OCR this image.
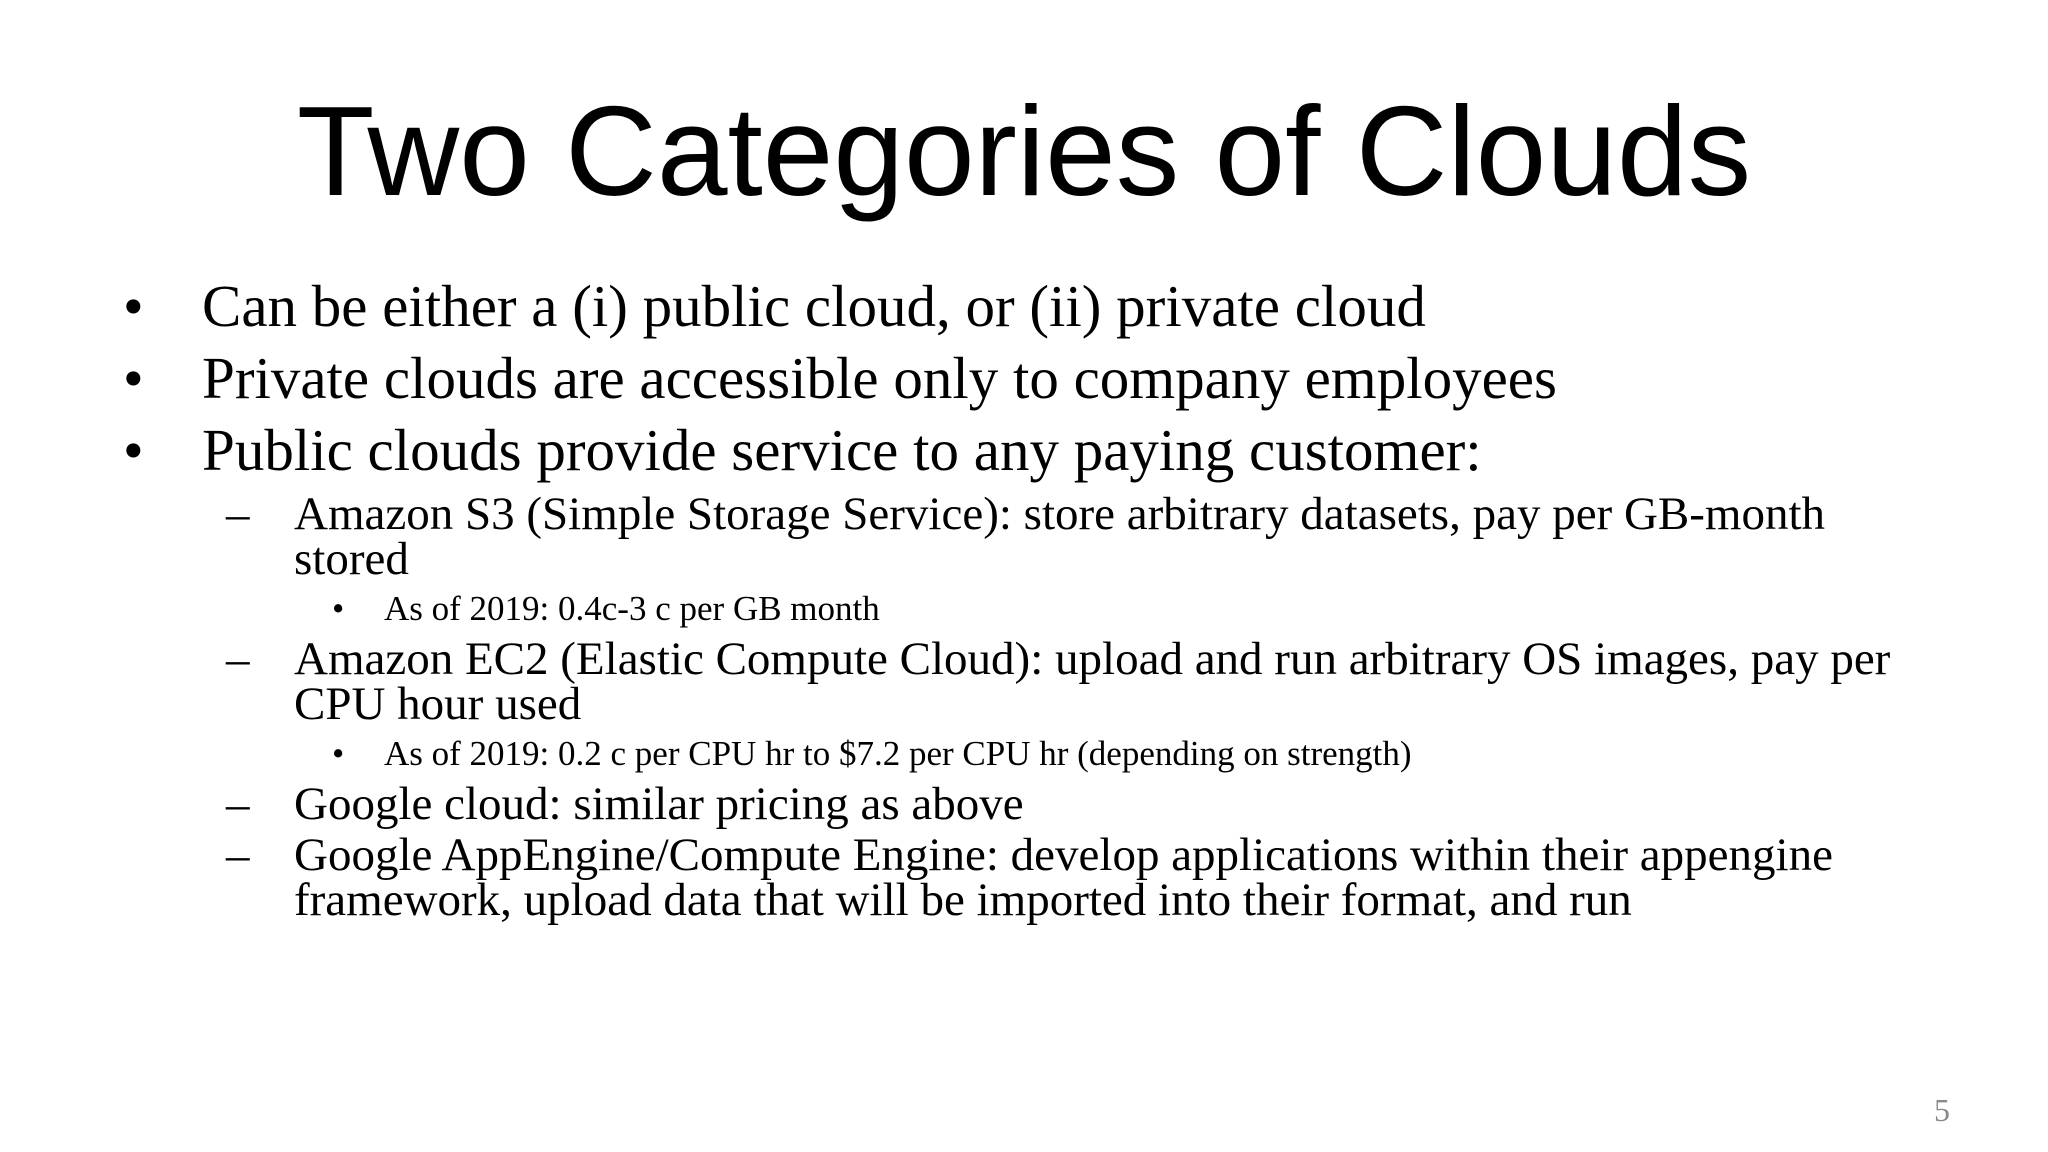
Two Categories of Clouds
• Can be either a (i) public cloud, or (ii) private cloud
• Private clouds are accessible only to company employees
• Public clouds provide service to any paying customer:
– Amazon S3 (Simple Storage Service): store arbitrary datasets, pay per GB-month stored
• As of 2019: 0.4c-3 c per GB month
– Amazon EC2 (Elastic Compute Cloud): upload and run arbitrary OS images, pay per CPU hour used
• As of 2019: 0.2 c per CPU hr to $7.2 per CPU hr (depending on strength)
– Google cloud: similar pricing as above
– Google AppEngine/Compute Engine: develop applications within their appengine framework, upload data that will be imported into their format, and run
5
